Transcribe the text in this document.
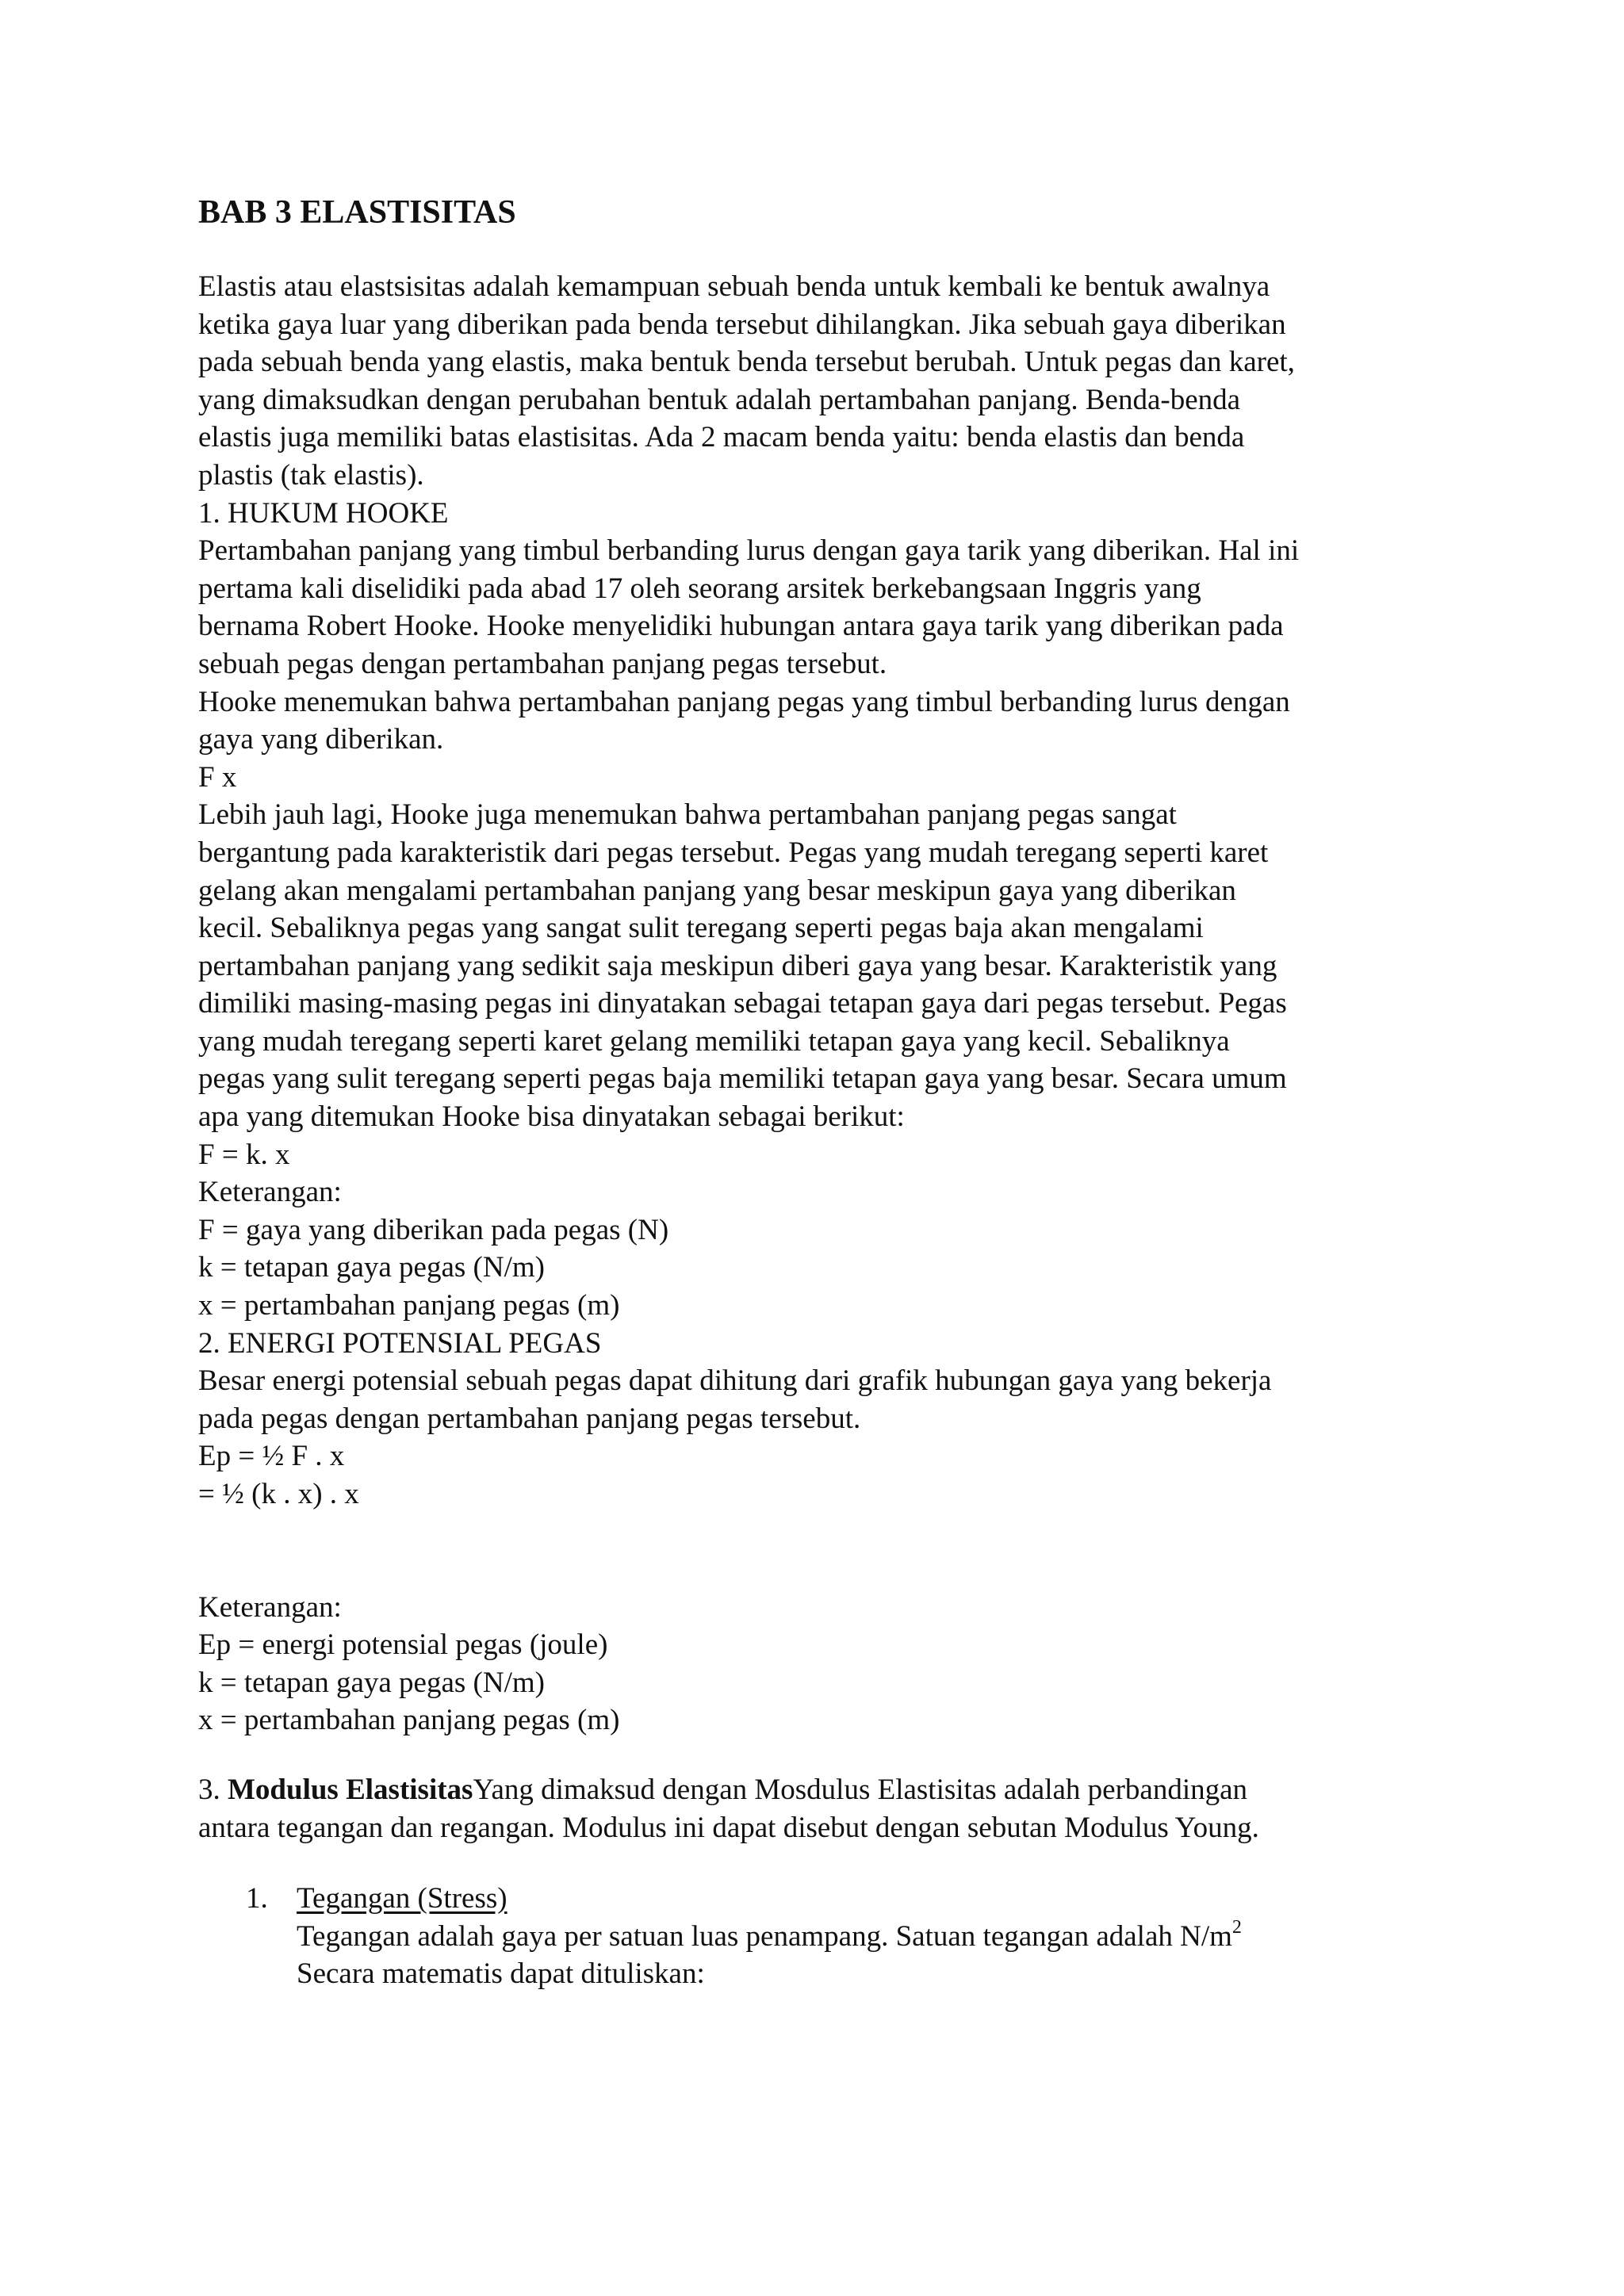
BAB 3 ELASTISITAS
Elastis atau elastsisitas adalah kemampuan sebuah benda untuk kembali ke bentuk awalnya
ketika gaya luar yang diberikan pada benda tersebut dihilangkan. Jika sebuah gaya diberikan
pada sebuah benda yang elastis, maka bentuk benda tersebut berubah. Untuk pegas dan karet,
yang dimaksudkan dengan perubahan bentuk adalah pertambahan panjang. Benda-benda
elastis juga memiliki batas elastisitas. Ada 2 macam benda yaitu: benda elastis dan benda
plastis (tak elastis).
1. HUKUM HOOKE
Pertambahan panjang yang timbul berbanding lurus dengan gaya tarik yang diberikan. Hal ini
pertama kali diselidiki pada abad 17 oleh seorang arsitek berkebangsaan Inggris yang
bernama Robert Hooke. Hooke menyelidiki hubungan antara gaya tarik yang diberikan pada
sebuah pegas dengan pertambahan panjang pegas tersebut.
Hooke menemukan bahwa pertambahan panjang pegas yang timbul berbanding lurus dengan
gaya yang diberikan.
F x
Lebih jauh lagi, Hooke juga menemukan bahwa pertambahan panjang pegas sangat
bergantung pada karakteristik dari pegas tersebut. Pegas yang mudah teregang seperti karet
gelang akan mengalami pertambahan panjang yang besar meskipun gaya yang diberikan
kecil. Sebaliknya pegas yang sangat sulit teregang seperti pegas baja akan mengalami
pertambahan panjang yang sedikit saja meskipun diberi gaya yang besar. Karakteristik yang
dimiliki masing-masing pegas ini dinyatakan sebagai tetapan gaya dari pegas tersebut. Pegas
yang mudah teregang seperti karet gelang memiliki tetapan gaya yang kecil. Sebaliknya
pegas yang sulit teregang seperti pegas baja memiliki tetapan gaya yang besar. Secara umum
apa yang ditemukan Hooke bisa dinyatakan sebagai berikut:
F = k. x
Keterangan:
F = gaya yang diberikan pada pegas (N)
k = tetapan gaya pegas (N/m)
x = pertambahan panjang pegas (m)
2. ENERGI POTENSIAL PEGAS
Besar energi potensial sebuah pegas dapat dihitung dari grafik hubungan gaya yang bekerja
pada pegas dengan pertambahan panjang pegas tersebut.
Ep = ½ F . x
= ½ (k . x) . x
Keterangan:
Ep = energi potensial pegas (joule)
k = tetapan gaya pegas (N/m)
x = pertambahan panjang pegas (m)
3. Modulus ElastisitasYang dimaksud dengan Mosdulus Elastisitas adalah perbandingan
antara tegangan dan regangan. Modulus ini dapat disebut dengan sebutan Modulus Young.
1. Tegangan (Stress)
Tegangan adalah gaya per satuan luas penampang. Satuan tegangan adalah $N/m^2$
Secara matematis dapat dituliskan:
